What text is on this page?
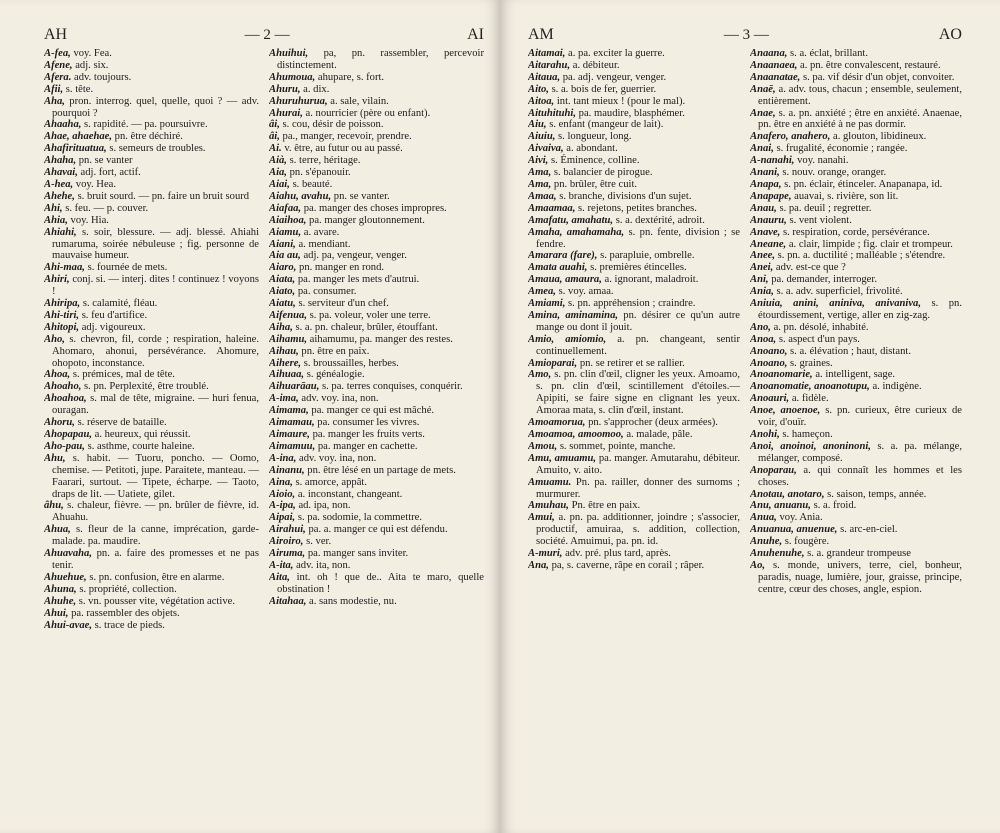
AH	— 2 —	AI

A-fea, voy. Fea.

Afene, adj. six.

Afera. adv. toujours.

Afii, s. tête.

Aha, pron. interrog. quel, quelle, quoi ? — adv. pourquoi ?

Ahaaha, s. rapidité. — pa. poursuivre.

Ahae, ahaehae, pn. être déchiré.

Ahafirituatua, s. semeurs de troubles.

Ahaha, pn. se vanter

Ahavai, adj. fort, actif.

A-hea, voy. Hea.

Ahehe, s. bruit sourd. — pn. faire un bruit sourd

Ahi, s. feu. — p. couver.

Ahia, voy. Hia.

Ahiahi, s. soir, blessure. — adj. blessé. Ahiahi rumaruma, soirée nébuleuse ; fig. personne de mauvaise humeur.

Ahi-maa, s. fournée de mets.

Ahiri, conj. si. — interj. dites ! continuez ! voyons !

Ahiripa, s. calamité, fléau.

Ahi-tiri, s. feu d'artifice.

Ahitopi, adj. vigoureux.

Aho, s. chevron, fil, corde ; respiration, haleine. Ahomaro, ahonui, persévérance. Ahomure, ohopoto, inconstance.

Ahoa, s. prémices, mal de tête.

Ahoaho, s. pn. Perplexité, être troublé.

Ahoahoa, s. mal de tête, migraine. — huri fenua, ouragan.

Ahoru, s. réserve de bataille.

Ahopapau, a. heureux, qui réussit.

Aho-pau, s. asthme, courte haleine.

Ahu, s. habit. — Tuoru, poncho. — Oomo, chemise. — Petitoti, jupe. Paraitete, manteau. — Faarari, surtout. — Tipete, écharpe. — Taoto, draps de lit. — Uatiete, gilet.

âhu, s. chaleur, fièvre. — pn. brûler de fièvre, id. Ahuahu.

Ahua, s. fleur de la canne, imprécation, garde-malade. pa. maudire.

Ahuavaha, pn. a. faire des promesses et ne pas tenir.

Ahuehue, s. pn. confusion, être en alarme.

Ahuna, s. propriété, collection.

Ahuhe, s. vn. pousser vite, végétation active.

Ahui, pa. rassembler des objets.

Ahui-avae, s. trace de pieds.

Ahuihui, pa, pn. rassembler, percevoir distinctement.

Ahumoua, ahupare, s. fort.

Ahuru, a. dix.

Ahuruhurua, a. sale, vilain.

Ahurai, a. nourricier (père ou enfant).

âi, s. cou, désir de poisson.

âi, pa., manger, recevoir, prendre.

Ai. v. être, au futur ou au passé.

Aià, s. terre, héritage.

Aia, pn. s'épanouir.

Aiai, s. beauté.

Aiahu, avahu, pn. se vanter.

Aiafaa, pa. manger des choses impropres.

Aiaihoa, pa. manger gloutonnement.

Aiamu, a. avare.

Aiani, a. mendiant.

Aia au, adj. pa, vengeur, venger.

Aiaro, pn. manger en rond.

Aiata, pa. manger les mets d'autrui.

Aiato, pa. consumer.

Aiatu, s. serviteur d'un chef.

Aifenua, s. pa. voleur, voler une terre.

Aiha, s. a. pn. chaleur, brûler, étouffant.

Aihamu, aihamumu, pa. manger des restes.

Aihau, pn. être en paix.

Aihere, s. broussailles, herbes.

Aihuaa, s. généalogie.

Aihuarāau, s. pa. terres conquises, conquérir.

A-ima, adv. voy. ina, non.

Aimama, pa. manger ce qui est mâché.

Aimamau, pa. consumer les vivres.

Aimaure, pa. manger les fruits verts.

Aimamuu, pa. manger en cachette.

A-ina, adv. voy. ina, non.

Ainanu, pn. être lésé en un partage de mets.

Aina, s. amorce, appât.

Aioio, a. inconstant, changeant.

A-ipa, ad. ipa, non.

Aipai, s. pa. sodomie, la commettre.

Airahui, pa. a. manger ce qui est défendu.

Airoiro, s. ver.

Airuma, pa. manger sans inviter.

A-ita, adv. ita, non.

Aita, int. oh ! que de.. Aita te maro, quelle obstination !

Aitahaa, a. sans modestie, nu.

AM	— 3 —	AO

Aitamai, a. pa. exciter la guerre.

Aitarahu, a. débiteur.

Aitaua, pa. adj. vengeur, venger.

Aito, s. a. bois de fer, guerrier.

Aitoa, int. tant mieux ! (pour le mal).

Aituhituhi, pa. maudire, blasphémer.

Aiu, s. enfant (mangeur de lait).

Aiuiu, s. longueur, long.

Aivaiva, a. abondant.

Aivi, s. Éminence, colline.

Ama, s. balancier de pirogue.

Ama, pn. brûler, être cuit.

Amaa, s. branche, divisions d'un sujet.

Amaamaa, s. rejetons, petites branches.

Amafatu, amahatu, s. a. dextérité, adroit.

Amaha, amahamaha, s. pn. fente, division ; se fendre.

Amarara (fare), s. parapluie, ombrelle.

Amata auahi, s. premières étincelles.

Amaua, amaura, a. ignorant, maladroit.

Amea, s. voy. amaa.

Amiami, s. pn. appréhension ; craindre.

Amina, aminamina, pn. désirer ce qu'un autre mange ou dont il jouit.

Amio, amiomio, a. pn. changeant, sentir continuellement.

Amioparai, pn. se retirer et se rallier.

Amo, s. pn. clin d'œil, cligner les yeux. Amoamo, s. pn. clin d'œil, scintillement d'étoiles.—Apipiti, se faire signe en clignant les yeux. Amoraa mata, s. clin d'œil, instant.

Amoamorua, pn. s'approcher (deux armées).

Amoamoa, amoomoo, a. malade, pâle.

Amou, s. sommet, pointe, manche.

Amu, amuamu, pa. manger. Amutarahu, débiteur. Amuito, v. aito.

Amuamu. Pn. pa. railler, donner des surnoms ; murmurer.

Amuhau, Pn. être en paix.

Amui, a. pn. pa. additionner, joindre ; s'associer, productif, amuiraa, s. addition, collection, société. Amuimui, pa. pn. id.

A-muri, adv. pré. plus tard, après.

Ana, pa, s. caverne, râpe en corail ; râper.

Anaana, s. a. éclat, brillant.

Anaanaea, a. pn. être convalescent, restauré.

Anaanatae, s. pa. vif désir d'un objet, convoiter.

Anaē, a. adv. tous, chacun ; ensemble, seulement, entièrement.

Anae, s. a. pn. anxiété ; être en anxiété. Anaenae, pn. être en anxiété à ne pas dormir.

Anafero, anahero, a. glouton, libidineux.

Anai, s. frugalité, économie ; rangée.

A-nanahi, voy. nanahi.

Anani, s. nouv. orange, oranger.

Anapa, s. pn. éclair, étinceler. Anapanapa, id.

Anapape, auavai, s. rivière, son lit.

Anau, s. pa. deuil ; regretter.

Anauru, s. vent violent.

Anave, s. respiration, corde, persévérance.

Aneane, a. clair, limpide ; fig. clair et trompeur.

Anee, s. pn. a. ductilité ; malléable ; s'étendre.

Anei, adv. est-ce que ?

Ani, pa. demander, interroger.

Ania, s. a. adv. superficiel, frivolité.

Aniuia, anini, aniniva, anivaniva, s. pn. étourdissement, vertige, aller en zig-zag.

Ano, a. pn. désolé, inhabité.

Anoa, s. aspect d'un pays.

Anoano, s. a. élévation ; haut, distant.

Anoano, s. graines.

Anoanomarie, a. intelligent, sage.

Anoanomatie, anoanotupu, a. indigène.

Anoauri, a. fidèle.

Anoe, anoenoe, s. pn. curieux, être curieux de voir, d'ouïr.

Anohi, s. hameçon.

Anoi, anoinoi, anoninoni, s. a. pa. mélange, mélanger, composé.

Anoparau, a. qui connaît les hommes et les choses.

Anotau, anotaro, s. saison, temps, année.

Anu, anuanu, s. a. froid.

Anua, voy. Ania.

Anuanua, anuenue, s. arc-en-ciel.

Anuhe, s. fougère.

Anuhenuhe, s. a. grandeur trompeuse

Ao, s. monde, univers, terre, ciel, bonheur, paradis, nuage, lumière, jour, graisse, principe, centre, cœur des choses, angle, espion.
